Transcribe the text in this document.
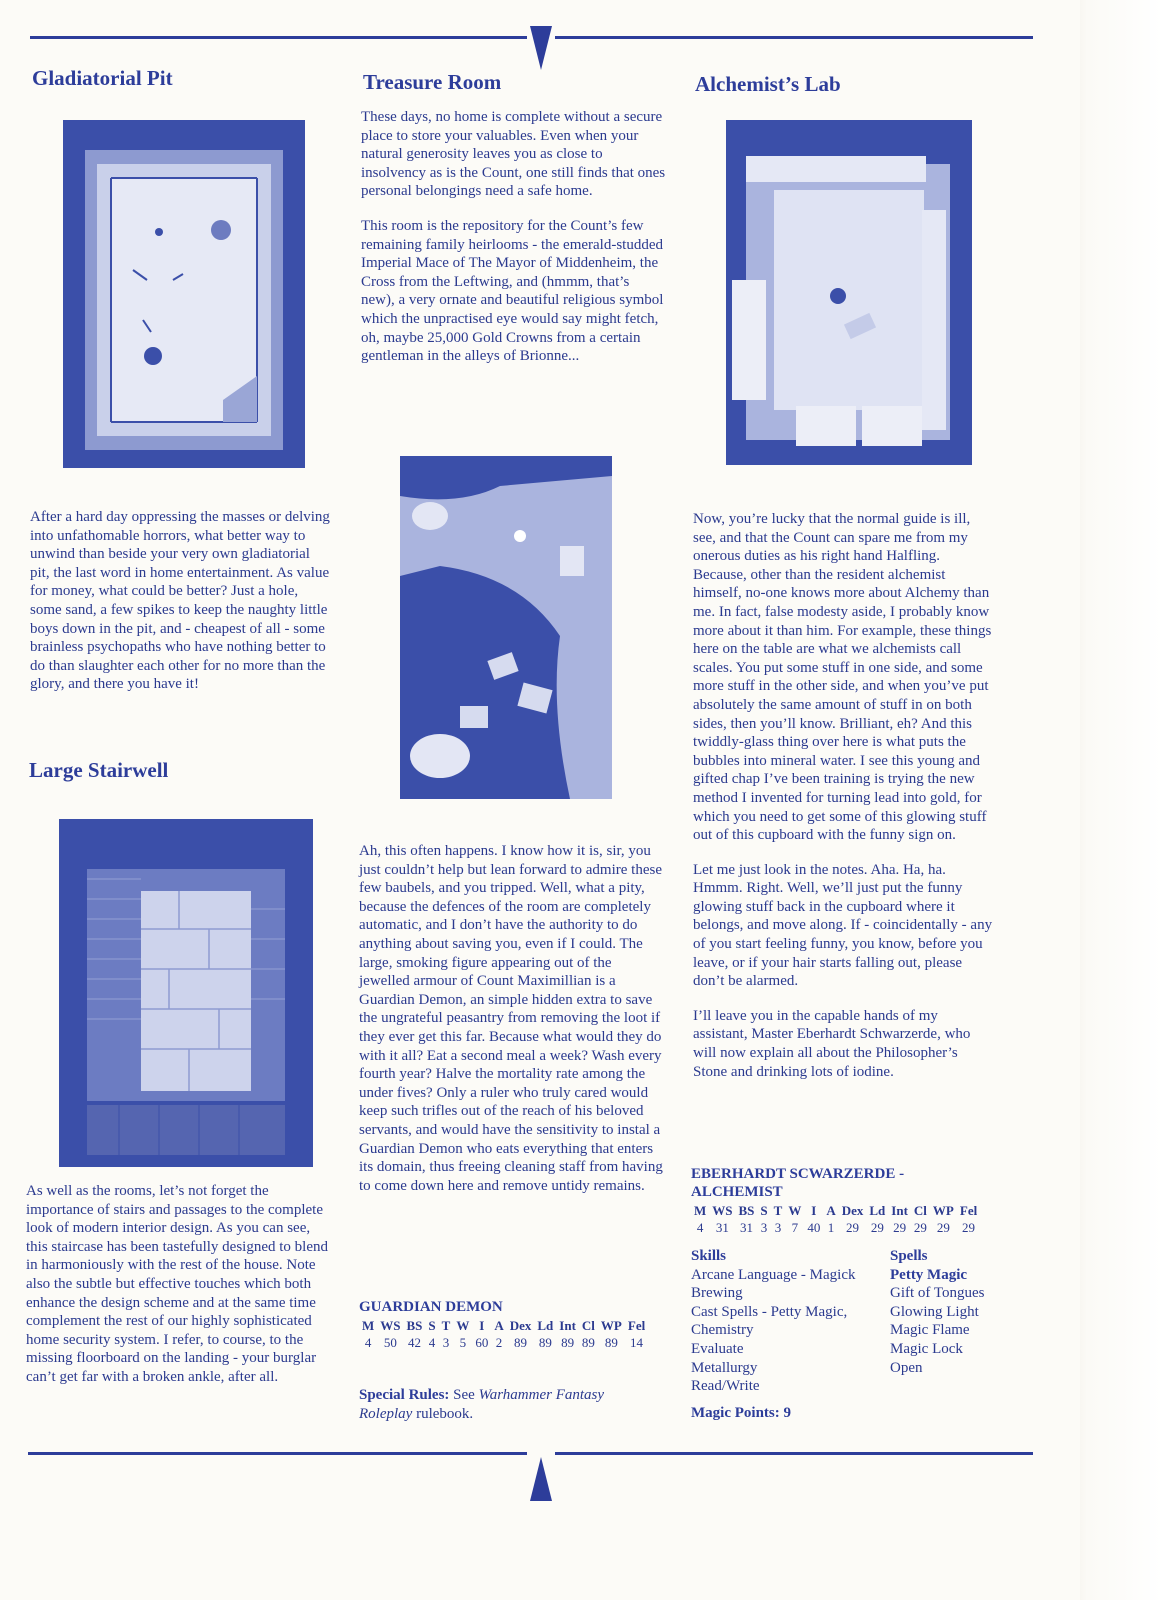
Gladiatorial Pit	Treasure Room	Alchemist’s Lab
Large Stairwell

After a hard day oppressing the masses or delving into unfathomable horrors, what better way to unwind than beside your very own gladiatorial pit, the last word in home entertainment. As value for money, what could be better? Just a hole, some sand, a few spikes to keep the naughty little boys down in the pit, and - cheapest of all - some brainless psychopaths who have nothing better to do than slaughter each other for no more than the glory, and there you have it!

As well as the rooms, let’s not forget the importance of stairs and passages to the complete look of modern interior design. As you can see, this staircase has been tastefully designed to blend in harmoniously with the rest of the house. Note also the subtle but effective touches which both enhance the design scheme and at the same time complement the rest of our highly sophisticated home security system. I refer, to course, to the missing floorboard on the landing - your burglar can’t get far with a broken ankle, after all.

These days, no home is complete without a secure place to store your valuables. Even when your natural generosity leaves you as close to insolvency as is the Count, one still finds that ones personal belongings need a safe home.

This room is the repository for the Count’s few remaining family heirlooms - the emerald-studded Imperial Mace of The Mayor of Middenheim, the Cross from the Leftwing, and (hmmm, that’s new), a very ornate and beautiful religious symbol which the unpractised eye would say might fetch, oh, maybe 25,000 Gold Crowns from a certain gentleman in the alleys of Brionne...

Ah, this often happens. I know how it is, sir, you just couldn’t help but lean forward to admire these few baubels, and you tripped. Well, what a pity, because the defences of the room are completely automatic, and I don’t have the authority to do anything about saving you, even if I could. The large, smoking figure appearing out of the jewelled armour of Count Maximillian is a Guardian Demon, an simple hidden extra to save the ungrateful peasantry from removing the loot if they ever get this far. Because what would they do with it all? Eat a second meal a week? Wash every fourth year? Halve the mortality rate among the under fives? Only a ruler who truly cared would keep such trifles out of the reach of his beloved servants, and would have the sensitivity to instal a Guardian Demon who eats everything that enters its domain, thus freeing cleaning staff from having to come down here and remove untidy remains.

Now, you’re lucky that the normal guide is ill, see, and that the Count can spare me from my onerous duties as his right hand Halfling. Because, other than the resident alchemist himself, no-one knows more about Alchemy than me. In fact, false modesty aside, I probably know more about it than him. For example, these things here on the table are what we alchemists call scales. You put some stuff in one side, and some more stuff in the other side, and when you’ve put absolutely the same amount of stuff in on both sides, then you’ll know. Brilliant, eh? And this twiddly-glass thing over here is what puts the bubbles into mineral water. I see this young and gifted chap I’ve been training is trying the new method I invented for turning lead into gold, for which you need to get some of this glowing stuff out of this cupboard with the funny sign on.

Let me just look in the notes. Aha. Ha, ha. Hmmm. Right. Well, we’ll just put the funny glowing stuff back in the cupboard where it belongs, and move along. If - coincidentally - any of you start feeling funny, you know, before you leave, or if your hair starts falling out, please don’t be alarmed.

I’ll leave you in the capable hands of my assistant, Master Eberhardt Schwarzerde, who will now explain all about the Philosopher’s Stone and drinking lots of iodine.

GUARDIAN DEMON
M	WS	BS	S	T	W	I	A	Dex	Ld	Int	Cl	WP	Fel
4	50	42	4	3	5	60	2	89	89	89	89	89	14
Special Rules: See Warhammer Fantasy Roleplay rulebook.
EBERHARDT SCWARZERDE -
ALCHEMIST
M	WS	BS	S	T	W	I	A	Dex	Ld	Int	Cl	WP	Fel
4	31	31	3	3	7	40	1	29	29	29	29	29	29
Skills
Arcane Language - Magick
Brewing
Cast Spells - Petty Magic,
Chemistry
Evaluate
Metallurgy
Read/Write
Spells
Petty Magic
Gift of Tongues
Glowing Light
Magic Flame
Magic Lock
Open
Magic Points: 9
